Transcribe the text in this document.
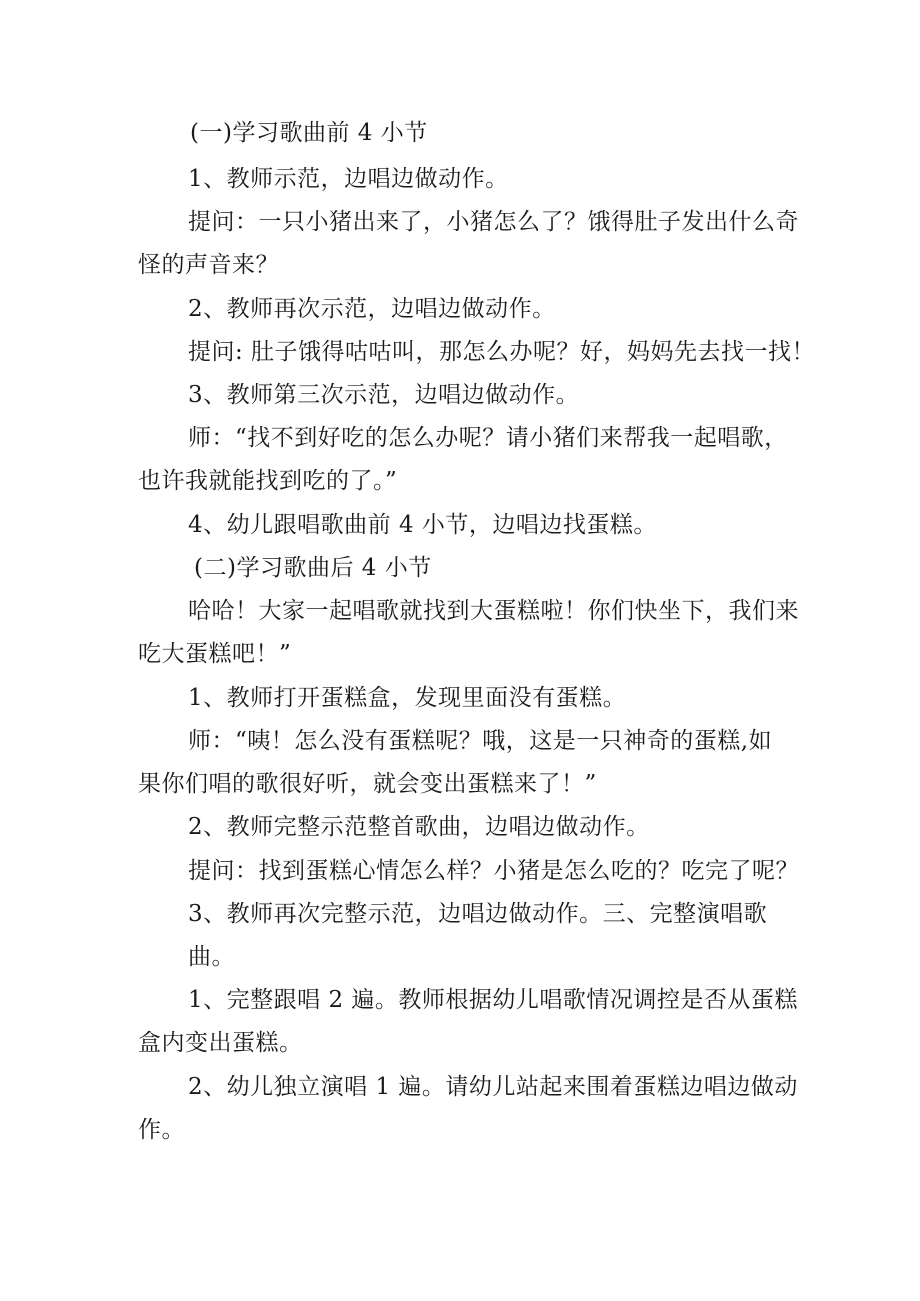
(一)学习歌曲前 4 小节
1、教师示范，边唱边做动作。
提问：一只小猪出来了，小猪怎么了？饿得肚子发出什么奇
怪的声音来？
2、教师再次示范，边唱边做动作。
提问: 肚子饿得咕咕叫，那怎么办呢？好，妈妈先去找一找！
3、教师第三次示范，边唱边做动作。
师：“找不到好吃的怎么办呢？请小猪们来帮我一起唱歌，
也许我就能找到吃的了。”
4、幼儿跟唱歌曲前 4 小节，边唱边找蛋糕。
(二)学习歌曲后 4 小节
哈哈！大家一起唱歌就找到大蛋糕啦！你们快坐下，我们来
吃大蛋糕吧！”
1、教师打开蛋糕盒，发现里面没有蛋糕。
师：“咦！怎么没有蛋糕呢？哦，这是一只神奇的蛋糕,如
果你们唱的歌很好听，就会变出蛋糕来了！”
2、教师完整示范整首歌曲，边唱边做动作。
提问：找到蛋糕心情怎么样？小猪是怎么吃的？吃完了呢？
3、教师再次完整示范，边唱边做动作。三、完整演唱歌
曲。
1、完整跟唱 2 遍。教师根据幼儿唱歌情况调控是否从蛋糕
盒内变出蛋糕。
2、幼儿独立演唱 1 遍。请幼儿站起来围着蛋糕边唱边做动
作。
